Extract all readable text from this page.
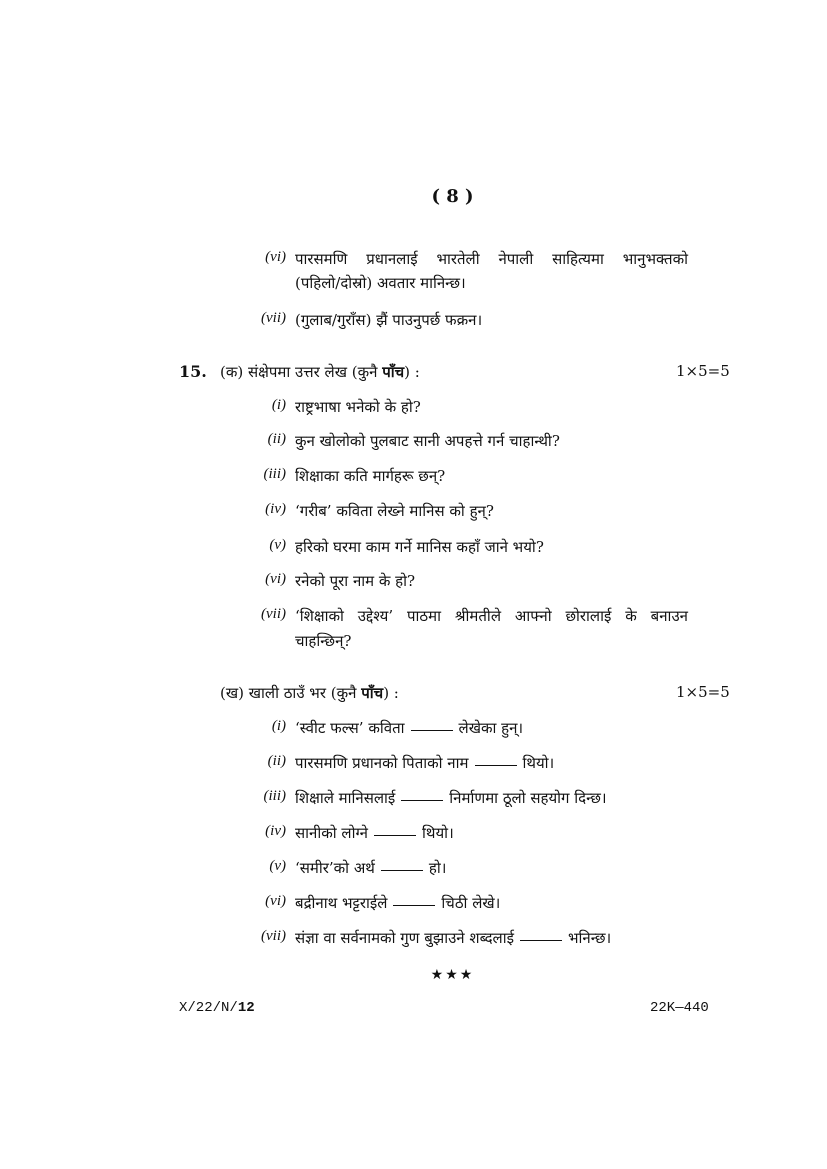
( 8 )
(vi) पारसमणि प्रधानलाई भारतेली नेपाली साहित्यमा भानुभक्तको
(पहिलो/दोस्रो) अवतार मानिन्छ।
(vii) (गुलाब/गुराँस) झैं पाउनुपर्छ फक्रन।
15. (क) संक्षेपमा उत्तर लेख (कुनै पाँच) :	1×5=5
(i) राष्ट्रभाषा भनेको के हो?
(ii) कुन खोलोको पुलबाट सानी अपहत्ते गर्न चाहान्थी?
(iii) शिक्षाका कति मार्गहरू छन्?
(iv) ‘गरीब’ कविता लेख्ने मानिस को हुन्?
(v) हरिको घरमा काम गर्ने मानिस कहाँ जाने भयो?
(vi) रनेको पूरा नाम के हो?
(vii) ‘शिक्षाको उद्देश्य’ पाठमा श्रीमतीले आफ्नो छोरालाई के बनाउन
चाहन्छिन्?
(ख) खाली ठाउँ भर (कुनै पाँच) :	1×5=5
(i) ‘स्वीट फल्स’ कविता	लेखेका हुन्।
(ii) पारसमणि प्रधानको पिताको नाम	थियो।
(iii) शिक्षाले मानिसलाई	निर्माणमा ठूलो सहयोग दिन्छ।
(iv) सानीको लोग्ने	थियो।
(v) ‘समीर’को अर्थ	हो।
(vi) बद्रीनाथ भट्टराईले	चिठी लेखे।
(vii) संज्ञा वा सर्वनामको गुण बुझाउने शब्दलाई	भनिन्छ।
★★★
X/22/N/12	22K—440
